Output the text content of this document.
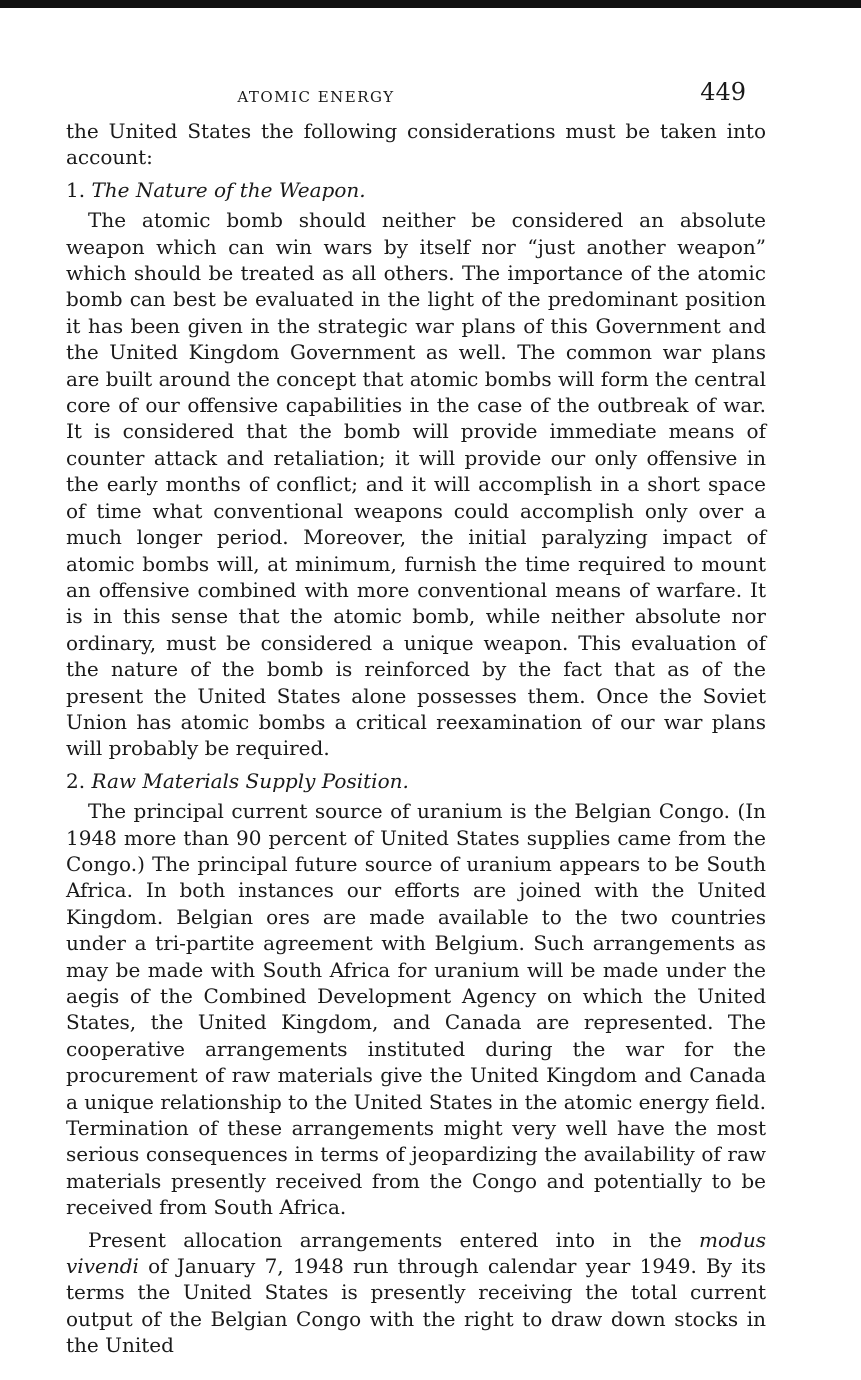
ATOMIC ENERGY	449

the United States the following considerations must be taken into account:

1. The Nature of the Weapon.

The atomic bomb should neither be considered an absolute weapon which can win wars by itself nor “just another weapon” which should be treated as all others. The importance of the atomic bomb can best be evaluated in the light of the predominant position it has been given in the strategic war plans of this Government and the United Kingdom Government as well. The common war plans are built around the concept that atomic bombs will form the central core of our offensive capabilities in the case of the outbreak of war. It is considered that the bomb will provide immediate means of counter attack and retaliation; it will provide our only offensive in the early months of conflict; and it will accomplish in a short space of time what conventional weapons could accomplish only over a much longer period. Moreover, the initial paralyzing impact of atomic bombs will, at minimum, furnish the time required to mount an offensive combined with more conventional means of warfare. It is in this sense that the atomic bomb, while neither absolute nor ordinary, must be considered a unique weapon. This evaluation of the nature of the bomb is reinforced by the fact that as of the present the United States alone possesses them. Once the Soviet Union has atomic bombs a critical reexamination of our war plans will probably be required.

2. Raw Materials Supply Position.

The principal current source of uranium is the Belgian Congo. (In 1948 more than 90 percent of United States supplies came from the Congo.) The principal future source of uranium appears to be South Africa. In both instances our efforts are joined with the United Kingdom. Belgian ores are made available to the two countries under a tri-partite agreement with Belgium. Such arrangements as may be made with South Africa for uranium will be made under the aegis of the Combined Development Agency on which the United States, the United Kingdom, and Canada are represented. The cooperative arrangements instituted during the war for the procurement of raw materials give the United Kingdom and Canada a unique relationship to the United States in the atomic energy field. Termination of these arrangements might very well have the most serious consequences in terms of jeopardizing the availability of raw materials presently received from the Congo and potentially to be received from South Africa.

Present allocation arrangements entered into in the modus vivendi of January 7, 1948 run through calendar year 1949. By its terms the United States is presently receiving the total current output of the Belgian Congo with the right to draw down stocks in the United
